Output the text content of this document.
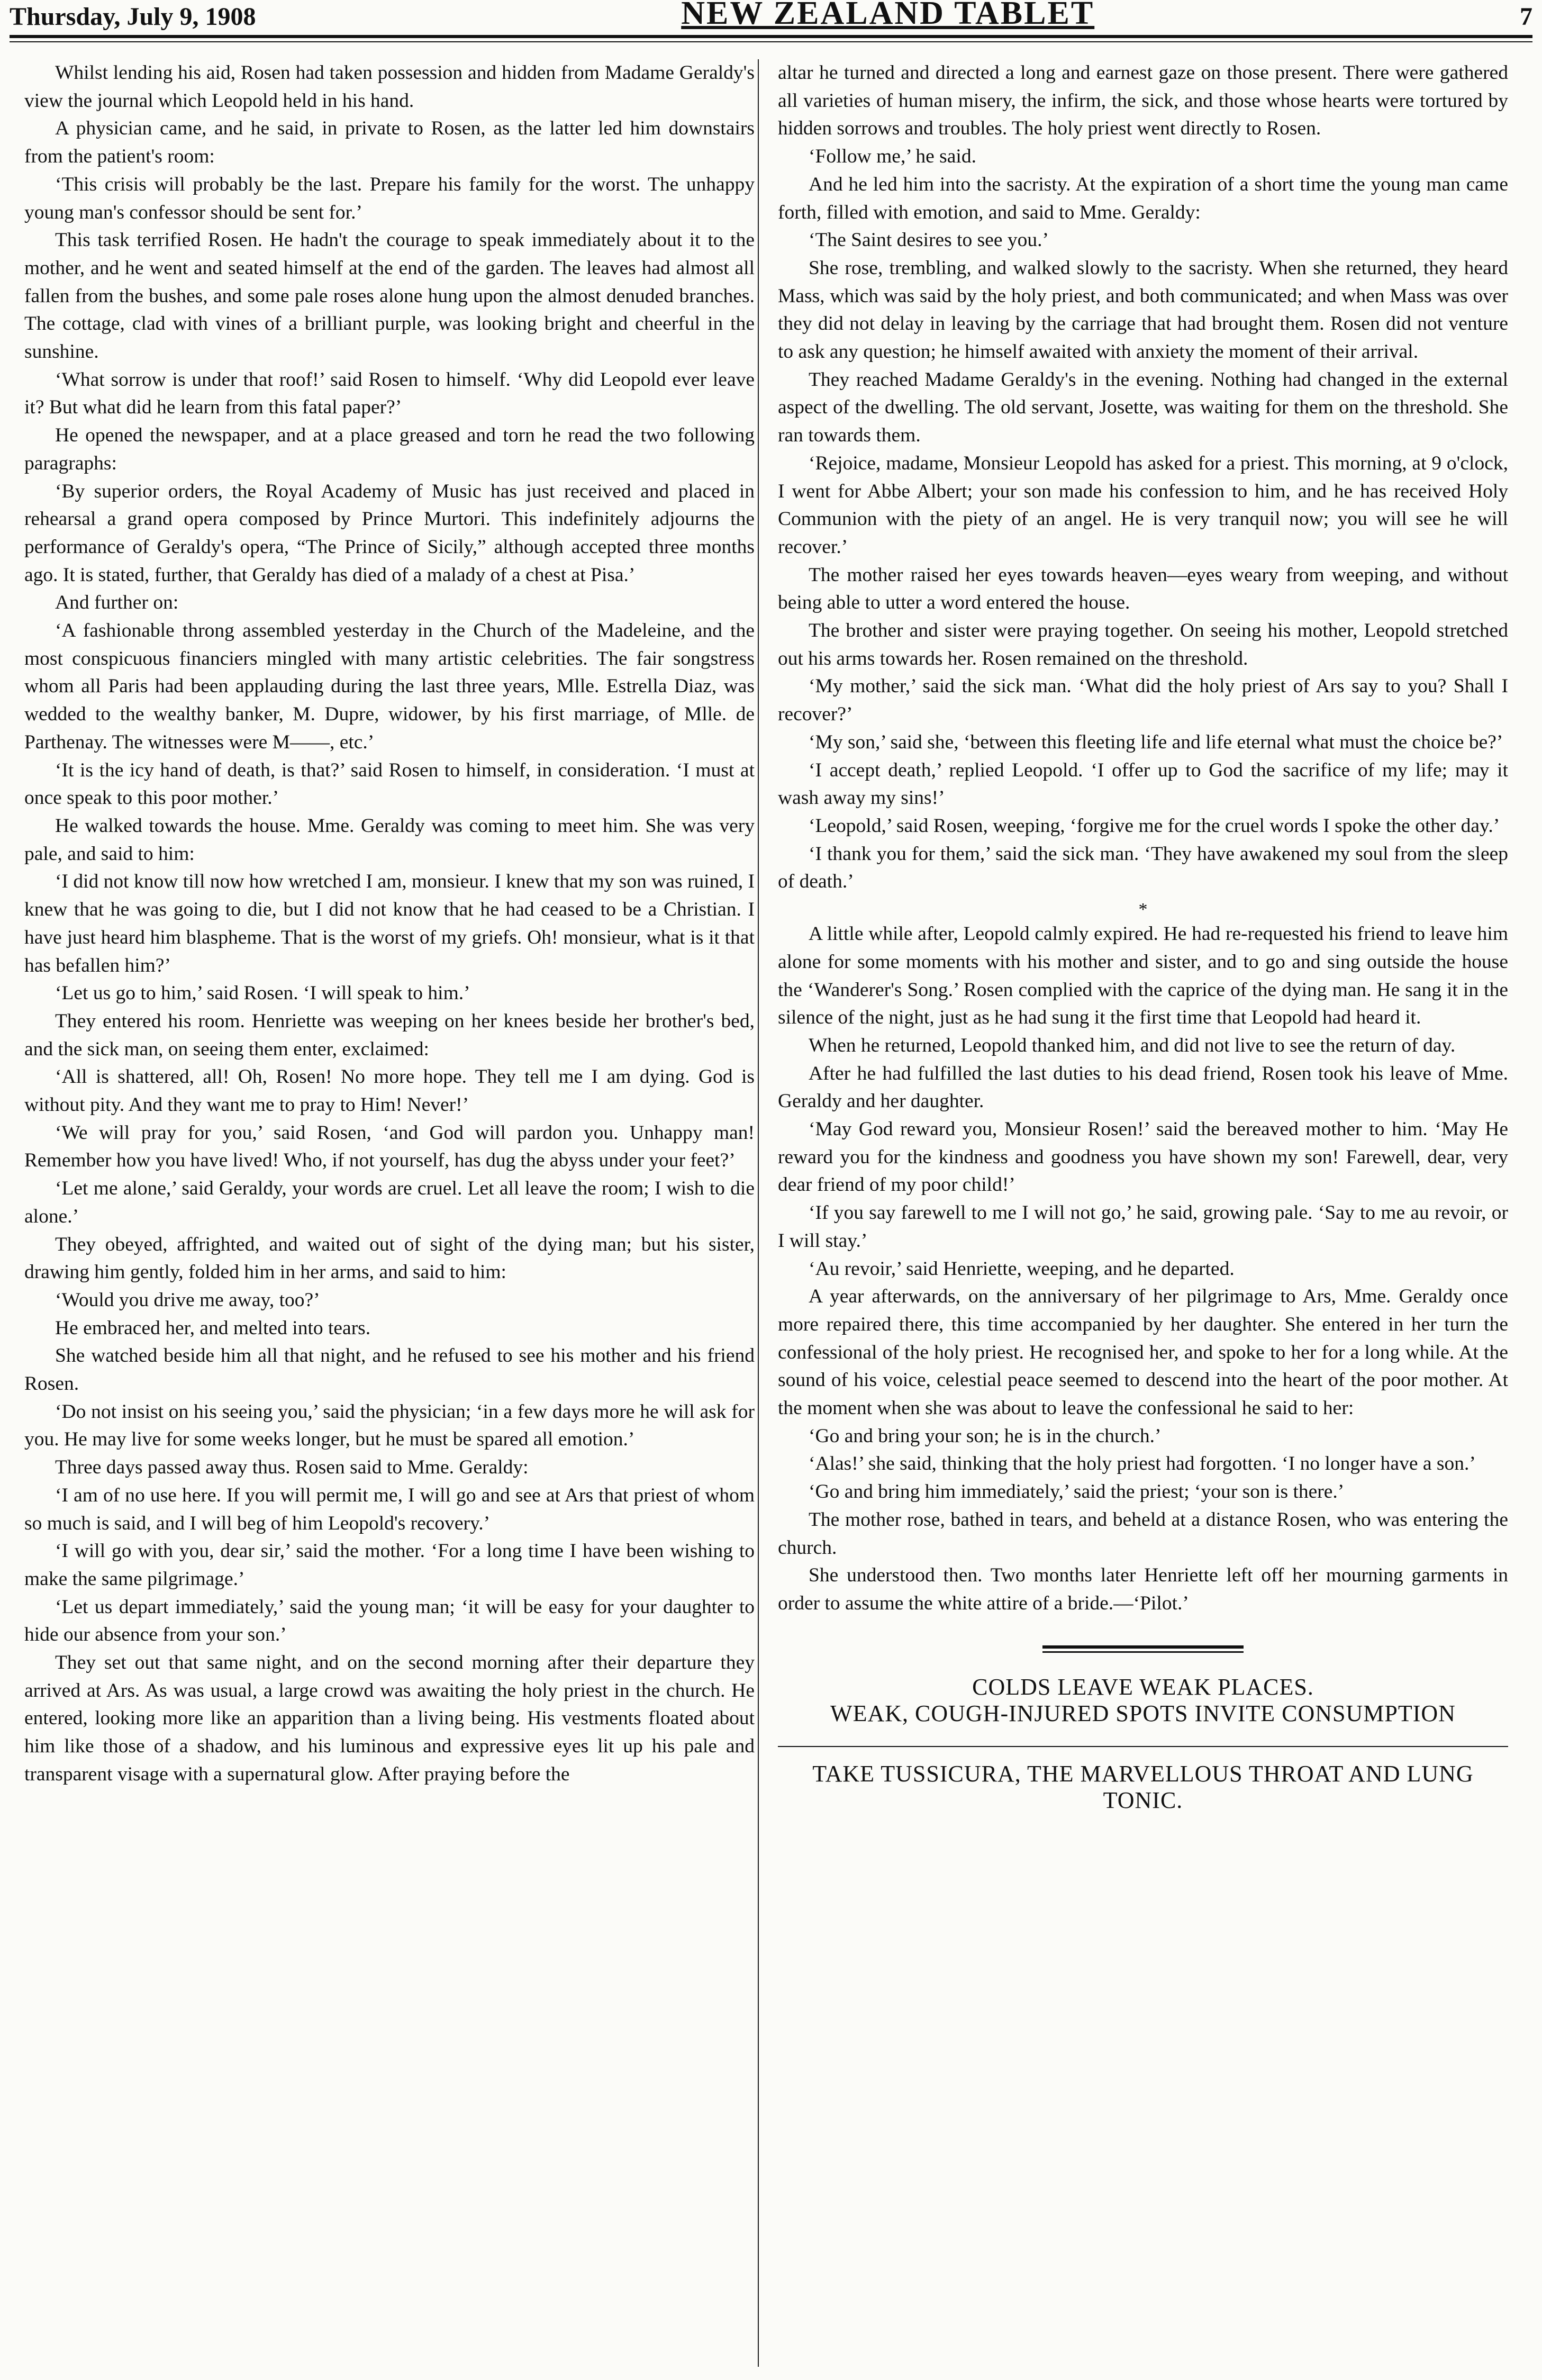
Thursday, July 9, 1908	NEW ZEALAND TABLET	7

Whilst lending his aid, Rosen had taken possession and hidden from Madame Geraldy's view the journal which Leopold held in his hand.

A physician came, and he said, in private to Rosen, as the latter led him downstairs from the patient's room:

‘This crisis will probably be the last. Prepare his family for the worst. The unhappy young man's confessor should be sent for.’

This task terrified Rosen. He hadn't the courage to speak immediately about it to the mother, and he went and seated himself at the end of the garden. The leaves had almost all fallen from the bushes, and some pale roses alone hung upon the almost denuded branches. The cottage, clad with vines of a brilliant purple, was looking bright and cheerful in the sunshine.

‘What sorrow is under that roof!’ said Rosen to himself. ‘Why did Leopold ever leave it? But what did he learn from this fatal paper?’

He opened the newspaper, and at a place greased and torn he read the two following paragraphs:

‘By superior orders, the Royal Academy of Music has just received and placed in rehearsal a grand opera composed by Prince Murtori. This indefinitely adjourns the performance of Geraldy's opera, “The Prince of Sicily,” although accepted three months ago. It is stated, further, that Geraldy has died of a malady of a chest at Pisa.’

And further on:

‘A fashionable throng assembled yesterday in the Church of the Madeleine, and the most conspicuous financiers mingled with many artistic celebrities. The fair songstress whom all Paris had been applauding during the last three years, Mlle. Estrella Diaz, was wedded to the wealthy banker, M. Dupre, widower, by his first marriage, of Mlle. de Parthenay. The witnesses were M——, etc.’

‘It is the icy hand of death, is that?’ said Rosen to himself, in consideration. ‘I must at once speak to this poor mother.’

He walked towards the house. Mme. Geraldy was coming to meet him. She was very pale, and said to him:

‘I did not know till now how wretched I am, monsieur. I knew that my son was ruined, I knew that he was going to die, but I did not know that he had ceased to be a Christian. I have just heard him blaspheme. That is the worst of my griefs. Oh! monsieur, what is it that has befallen him?’

‘Let us go to him,’ said Rosen. ‘I will speak to him.’

They entered his room. Henriette was weeping on her knees beside her brother's bed, and the sick man, on seeing them enter, exclaimed:

‘All is shattered, all! Oh, Rosen! No more hope. They tell me I am dying. God is without pity. And they want me to pray to Him! Never!’

‘We will pray for you,’ said Rosen, ‘and God will pardon you. Unhappy man! Remember how you have lived! Who, if not yourself, has dug the abyss under your feet?’

‘Let me alone,’ said Geraldy, your words are cruel. Let all leave the room; I wish to die alone.’

They obeyed, affrighted, and waited out of sight of the dying man; but his sister, drawing him gently, folded him in her arms, and said to him:

‘Would you drive me away, too?’

He embraced her, and melted into tears.

She watched beside him all that night, and he refused to see his mother and his friend Rosen.

‘Do not insist on his seeing you,’ said the physician; ‘in a few days more he will ask for you. He may live for some weeks longer, but he must be spared all emotion.’

Three days passed away thus. Rosen said to Mme. Geraldy:

‘I am of no use here. If you will permit me, I will go and see at Ars that priest of whom so much is said, and I will beg of him Leopold's recovery.’

‘I will go with you, dear sir,’ said the mother. ‘For a long time I have been wishing to make the same pilgrimage.’

‘Let us depart immediately,’ said the young man; ‘it will be easy for your daughter to hide our absence from your son.’

They set out that same night, and on the second morning after their departure they arrived at Ars. As was usual, a large crowd was awaiting the holy priest in the church. He entered, looking more like an apparition than a living being. His vestments floated about him like those of a shadow, and his luminous and expressive eyes lit up his pale and transparent visage with a supernatural glow. After praying before the

altar he turned and directed a long and earnest gaze on those present. There were gathered all varieties of human misery, the infirm, the sick, and those whose hearts were tortured by hidden sorrows and troubles. The holy priest went directly to Rosen.

‘Follow me,’ he said.

And he led him into the sacristy. At the expiration of a short time the young man came forth, filled with emotion, and said to Mme. Geraldy:

‘The Saint desires to see you.’

She rose, trembling, and walked slowly to the sacristy. When she returned, they heard Mass, which was said by the holy priest, and both communicated; and when Mass was over they did not delay in leaving by the carriage that had brought them. Rosen did not venture to ask any question; he himself awaited with anxiety the moment of their arrival.

They reached Madame Geraldy's in the evening. Nothing had changed in the external aspect of the dwelling. The old servant, Josette, was waiting for them on the threshold. She ran towards them.

‘Rejoice, madame, Monsieur Leopold has asked for a priest. This morning, at 9 o'clock, I went for Abbe Albert; your son made his confession to him, and he has received Holy Communion with the piety of an angel. He is very tranquil now; you will see he will recover.’

The mother raised her eyes towards heaven—eyes weary from weeping, and without being able to utter a word entered the house.

The brother and sister were praying together. On seeing his mother, Leopold stretched out his arms towards her. Rosen remained on the threshold.

‘My mother,’ said the sick man. ‘What did the holy priest of Ars say to you? Shall I recover?’

‘My son,’ said she, ‘between this fleeting life and life eternal what must the choice be?’

‘I accept death,’ replied Leopold. ‘I offer up to God the sacrifice of my life; may it wash away my sins!’

‘Leopold,’ said Rosen, weeping, ‘forgive me for the cruel words I spoke the other day.’

‘I thank you for them,’ said the sick man. ‘They have awakened my soul from the sleep of death.’

*

A little while after, Leopold calmly expired. He had re-requested his friend to leave him alone for some moments with his mother and sister, and to go and sing outside the house the ‘Wanderer's Song.’ Rosen complied with the caprice of the dying man. He sang it in the silence of the night, just as he had sung it the first time that Leopold had heard it.

When he returned, Leopold thanked him, and did not live to see the return of day.

After he had fulfilled the last duties to his dead friend, Rosen took his leave of Mme. Geraldy and her daughter.

‘May God reward you, Monsieur Rosen!’ said the bereaved mother to him. ‘May He reward you for the kindness and goodness you have shown my son! Farewell, dear, very dear friend of my poor child!’

‘If you say farewell to me I will not go,’ he said, growing pale. ‘Say to me au revoir, or I will stay.’

‘Au revoir,’ said Henriette, weeping, and he departed.

A year afterwards, on the anniversary of her pilgrimage to Ars, Mme. Geraldy once more repaired there, this time accompanied by her daughter. She entered in her turn the confessional of the holy priest. He recognised her, and spoke to her for a long while. At the sound of his voice, celestial peace seemed to descend into the heart of the poor mother. At the moment when she was about to leave the confessional he said to her:

‘Go and bring your son; he is in the church.’

‘Alas!’ she said, thinking that the holy priest had forgotten. ‘I no longer have a son.’

‘Go and bring him immediately,’ said the priest; ‘your son is there.’

The mother rose, bathed in tears, and beheld at a distance Rosen, who was entering the church.

She understood then. Two months later Henriette left off her mourning garments in order to assume the white attire of a bride.—‘Pilot.’

COLDS LEAVE WEAK PLACES.
WEAK, COUGH-INJURED SPOTS INVITE CONSUMPTION
TAKE TUSSICURA, THE MARVELLOUS THROAT AND LUNG TONIC.
